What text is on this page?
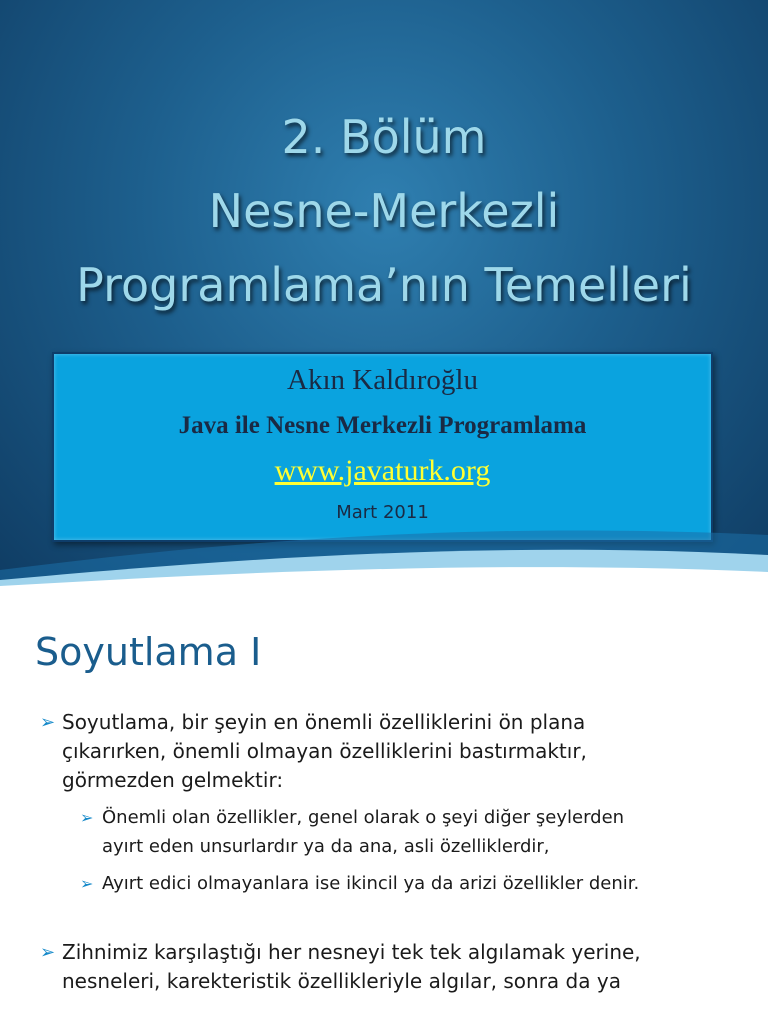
2. Bölüm
Nesne-Merkezli
Programlama’nın Temelleri
Akın Kaldıroğlu
Java ile Nesne Merkezli Programlama
www.javaturk.org
Mart 2011
Soyutlama I
➢ Soyutlama, bir şeyin en önemli özelliklerini ön plana
çıkarırken, önemli olmayan özelliklerini bastırmaktır,
görmezden gelmektir:
➢ Önemli olan özellikler, genel olarak o şeyi diğer şeylerden
ayırt eden unsurlardır ya da ana, asli özelliklerdir,
➢ Ayırt edici olmayanlara ise ikincil ya da arizi özellikler denir.
➢ Zihnimiz karşılaştığı her nesneyi tek tek algılamak yerine,
nesneleri, karekteristik özellikleriyle algılar, sonra da ya
